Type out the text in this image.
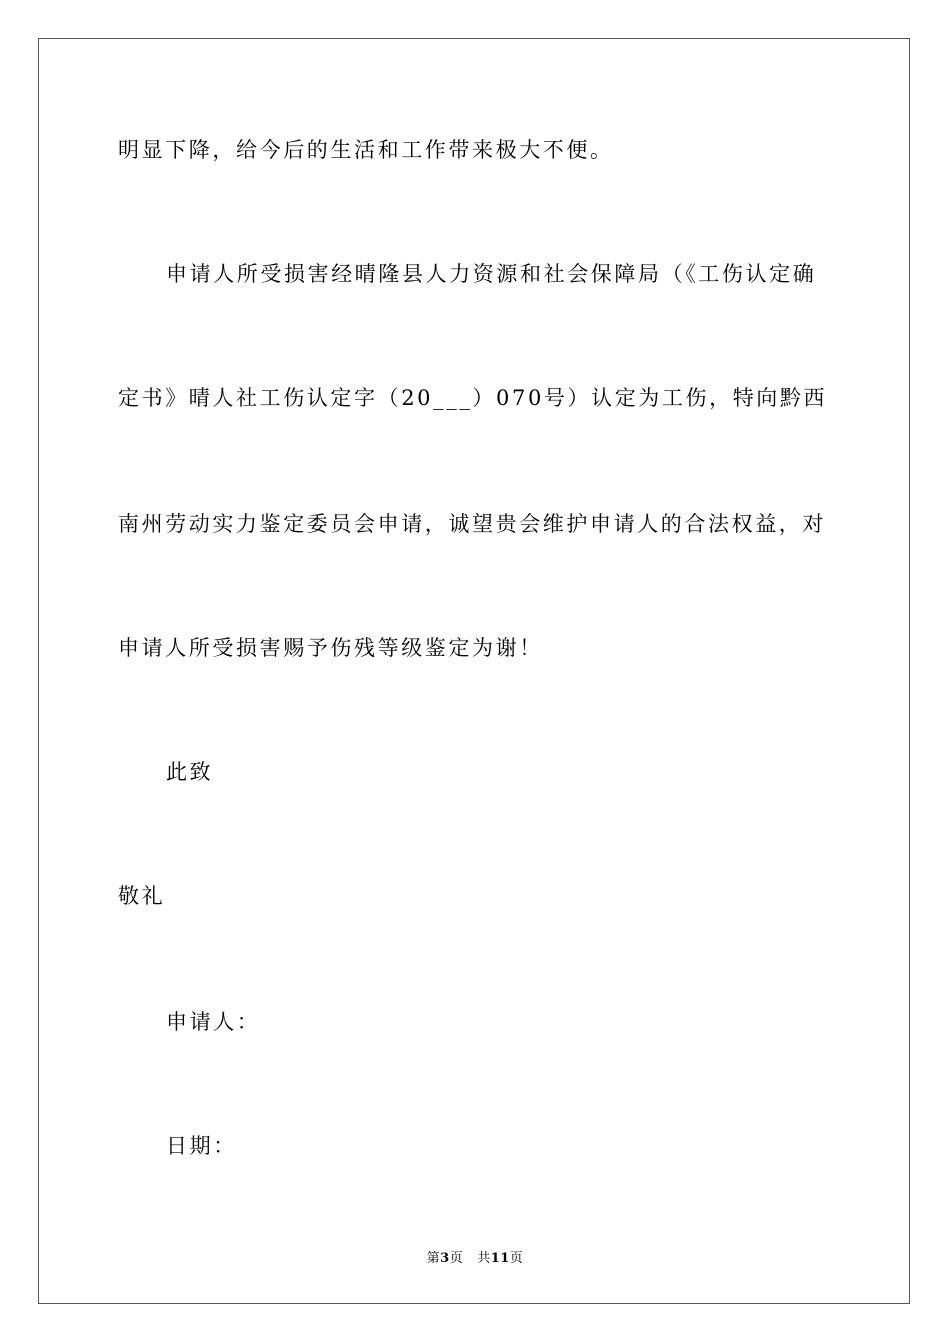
明显下降，给今后的生活和工作带来极大不便。
申请人所受损害经晴隆县人力资源和社会保障局（《工伤认定确
定书》晴人社工伤认定字（20___）070号）认定为工伤，特向黔西
南州劳动实力鉴定委员会申请，诚望贵会维护申请人的合法权益，对
申请人所受损害赐予伤残等级鉴定为谢！
此致
敬礼
申请人：
日期：
第3页 共11页
